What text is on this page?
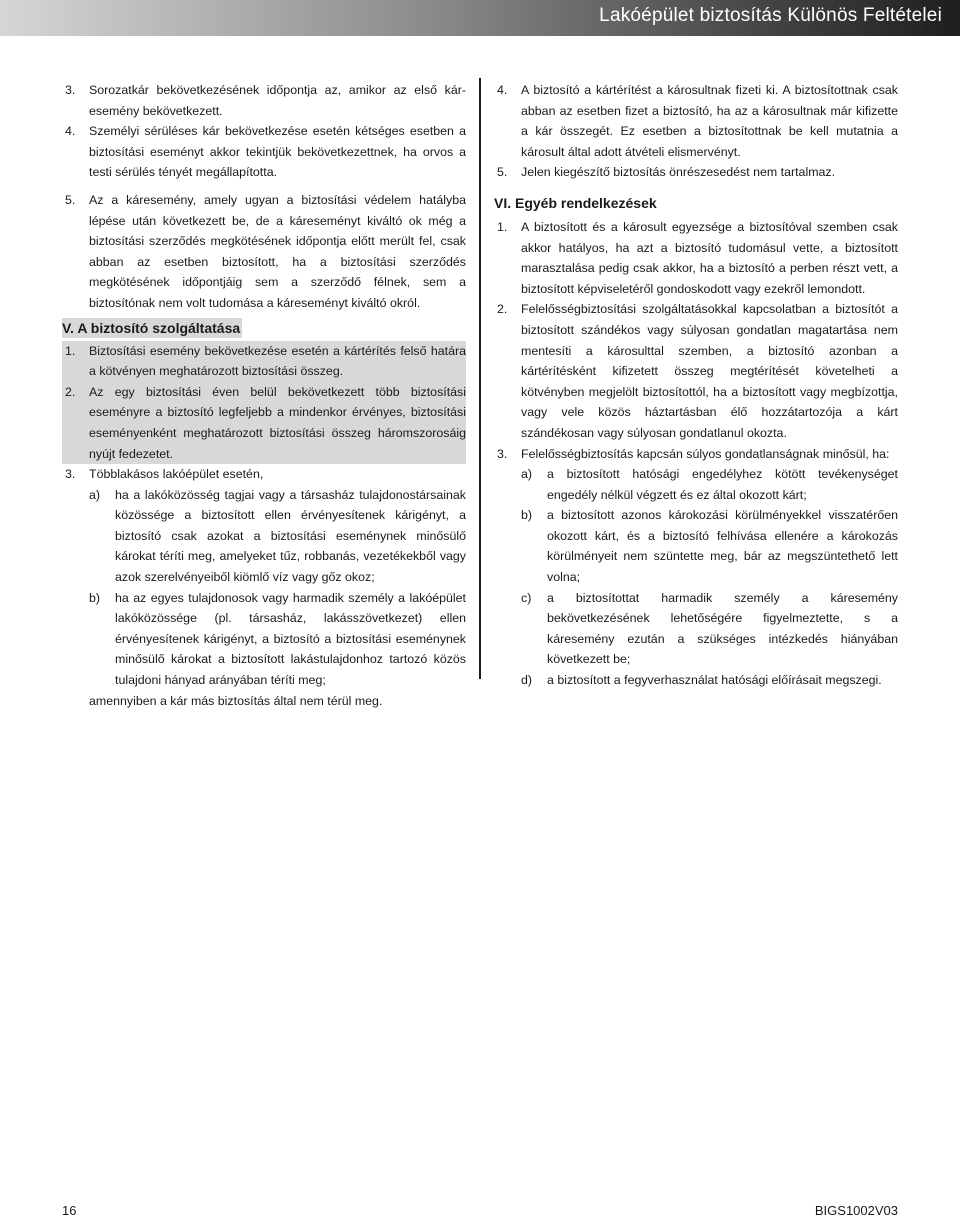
Lakóépület biztosítás Különös Feltételei

3. Sorozatkár bekövetkezésének időpontja az, amikor az első káresemény bekövetkezett.

4. Személyi sérüléses kár bekövetkezése esetén kétséges esetben a biztosítási eseményt akkor tekintjük bekövetkezettnek, ha orvos a testi sérülés tényét megállapította.

5. Az a káresemény, amely ugyan a biztosítási védelem hatályba lépése után következett be, de a káreseményt kiváltó ok még a biztosítási szerződés megkötésének időpontja előtt merült fel, csak abban az esetben biztosított, ha a biztosítási szerződés megkötésének időpontjáig sem a szerződő félnek, sem a biztosítónak nem volt tudomása a káreseményt kiváltó okról.

V. A biztosító szolgáltatása

1. Biztosítási esemény bekövetkezése esetén a kártérítés felső határa a kötvényen meghatározott biztosítási összeg.

2. Az egy biztosítási éven belül bekövetkezett több biztosítási eseményre a biztosító legfeljebb a mindenkor érvényes, biztosítási eseményenként meghatározott biztosítási összeg háromszorosáig nyújt fedezetet.

3. Többlakásos lakóépület esetén,

a) ha a lakóközösség tagjai vagy a társasház tulajdonostársainak közössége a biztosított ellen érvényesítenek kárigényt, a biztosító csak azokat a biztosítási eseménynek minősülő károkat téríti meg, amelyeket tűz, robbanás, vezetékekből vagy azok szerelvényeiből kiömlő víz vagy gőz okoz;

b) ha az egyes tulajdonosok vagy harmadik személy a lakóépület lakóközössége (pl. társasház, lakásszövetkezet) ellen érvényesítenek kárigényt, a biztosító a biztosítási eseménynek minősülő károkat a biztosított lakástulajdonhoz tartozó közös tulajdoni hányad arányában téríti meg;

amennyiben a kár más biztosítás által nem térül meg.

4. A biztosító a kártérítést a károsultnak fizeti ki. A biztosítottnak csak abban az esetben fizet a biztosító, ha az a károsultnak már kifizette a kár összegét. Ez esetben a biztosítottnak be kell mutatnia a károsult által adott átvételi elismervényt.

5. Jelen kiegészítő biztosítás önrészesedést nem tartalmaz.

VI. Egyéb rendelkezések

1. A biztosított és a károsult egyezsége a biztosítóval szemben csak akkor hatályos, ha azt a biztosító tudomásul vette, a biztosított marasztalása pedig csak akkor, ha a biztosító a perben részt vett, a biztosított képviseletéről gondoskodott vagy ezekről lemondott.

2. Felelősségbiztosítási szolgáltatásokkal kapcsolatban a biztosítót a biztosított szándékos vagy súlyosan gondatlan magatartása nem mentesíti a károsulttal szemben, a biztosító azonban a kártérítésként kifizetett összeg megtérítését követelheti a kötvényben megjelölt biztosítottól, ha a biztosított vagy megbízottja, vagy vele közös háztartásban élő hozzátartozója a kárt szándékosan vagy súlyosan gondatlanul okozta.

3. Felelősségbiztosítás kapcsán súlyos gondatlanságnak minősül, ha:

a) a biztosított hatósági engedélyhez kötött tevékenységet engedély nélkül végzett és ez által okozott kárt;

b) a biztosított azonos károkozási körülményekkel visszatérően okozott kárt, és a biztosító felhívása ellenére a károkozás körülményeit nem szüntette meg, bár az megszüntethető lett volna;

c) a biztosítottat harmadik személy a káresemény bekövetkezésének lehetőségére figyelmeztette, s a káresemény ezután a szükséges intézkedés hiányában következett be;

d) a biztosított a fegyverhasználat hatósági előírásait megszegi.

16	BIGS1002V03
